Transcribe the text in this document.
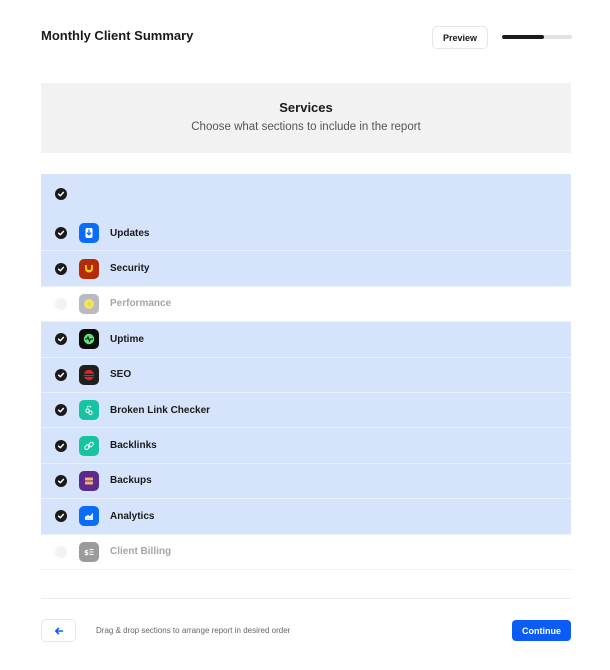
Monthly Client Summary	Preview
Services
Choose what sections to include in the report
Updates
Security
Performance
Uptime
SEO
Broken Link Checker
Backlinks
Backups
Analytics
$ Client Billing
Drag & drop sections to arrange report in desired order	Continue
